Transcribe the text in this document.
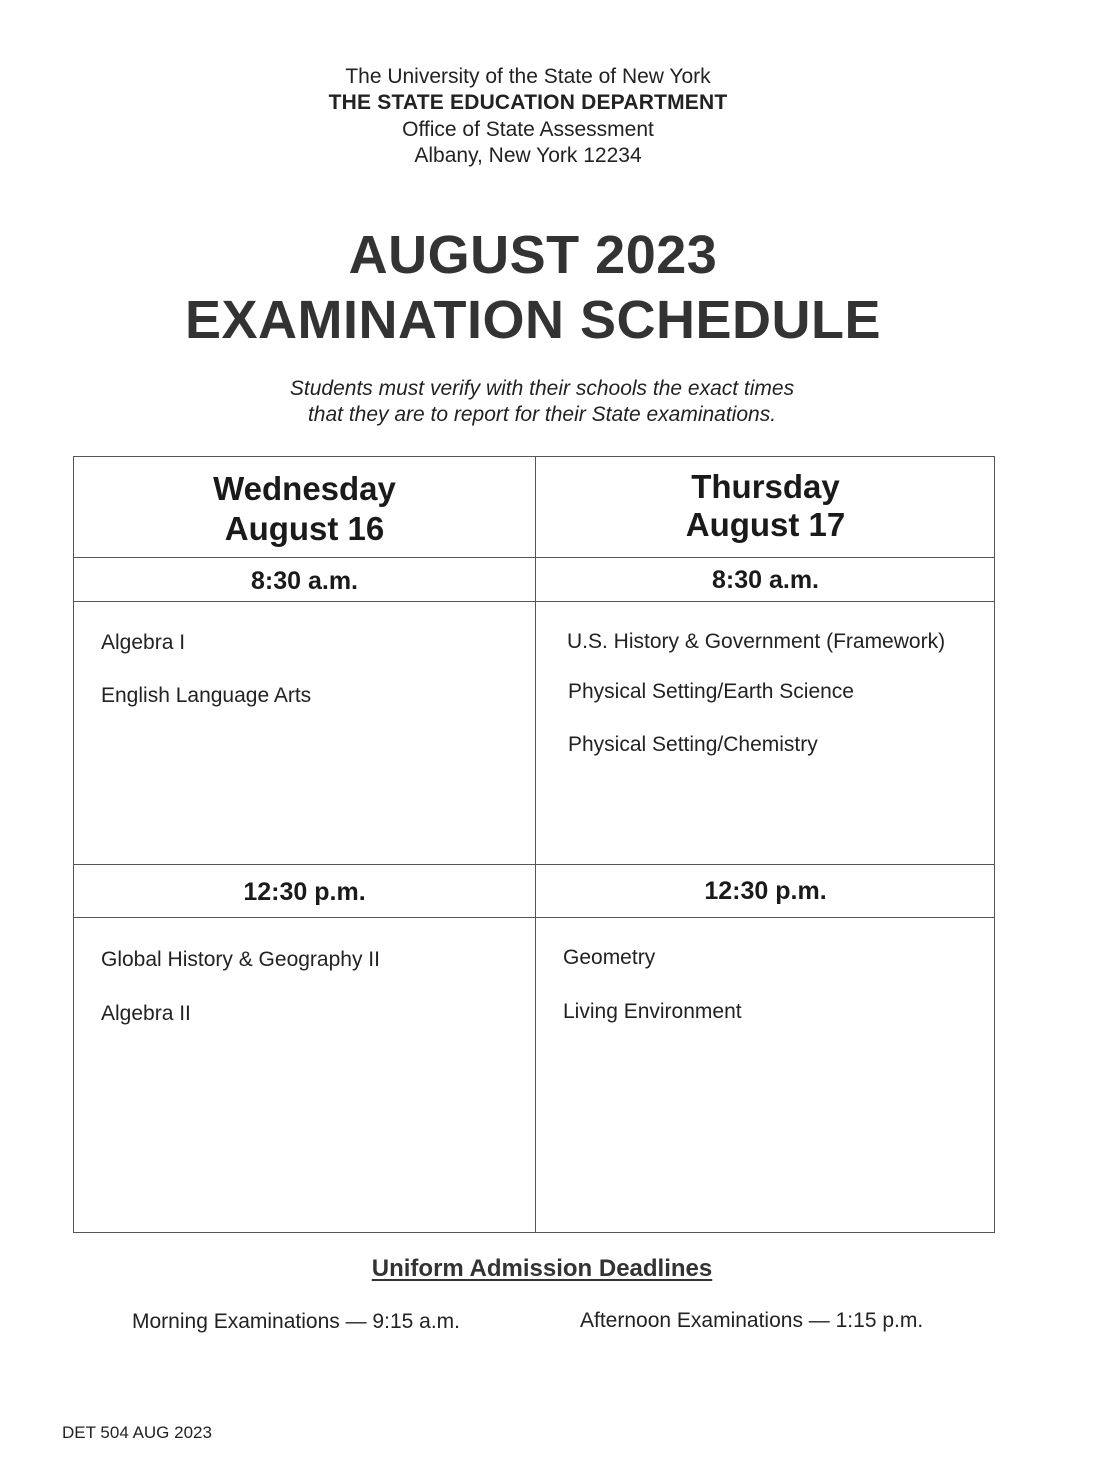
The University of the State of New York
THE STATE EDUCATION DEPARTMENT
Office of State Assessment
Albany, New York 12234
AUGUST 2023
EXAMINATION SCHEDULE
Students must verify with their schools the exact times
that they are to report for their State examinations.
Wednesday
August 16
8:30 a.m.
Algebra I
English Language Arts
12:30 p.m.
Global History & Geography II
Algebra II
Thursday
August 17
8:30 a.m.
U.S. History & Government (Framework)
Physical Setting/Earth Science
Physical Setting/Chemistry
12:30 p.m.
Geometry
Living Environment
Uniform Admission Deadlines
Morning Examinations — 9:15 a.m.	Afternoon Examinations — 1:15 p.m.
DET 504 AUG 2023
